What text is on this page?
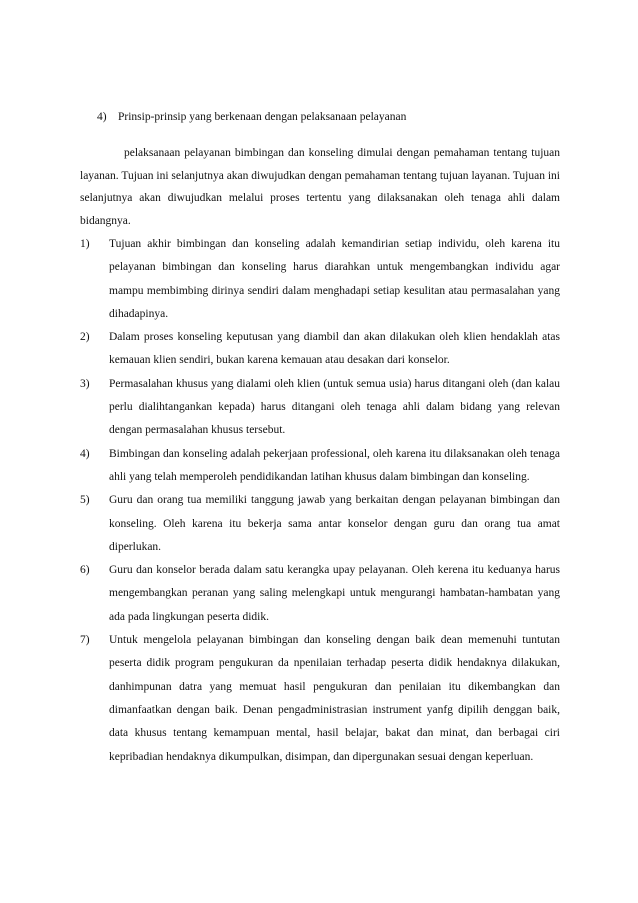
4) Prinsip-prinsip yang berkenaan dengan pelaksanaan pelayanan

pelaksanaan pelayanan bimbingan dan konseling dimulai dengan pemahaman tentang tujuan layanan. Tujuan ini selanjutnya akan diwujudkan dengan pemahaman tentang tujuan layanan. Tujuan ini selanjutnya akan diwujudkan melalui proses tertentu yang dilaksanakan oleh tenaga ahli dalam bidangnya.

1)	Tujuan akhir bimbingan dan konseling adalah kemandirian setiap individu, oleh karena itu pelayanan bimbingan dan konseling harus diarahkan untuk mengembangkan individu agar mampu membimbing dirinya sendiri dalam menghadapi setiap kesulitan atau permasalahan yang dihadapinya.
2)	Dalam proses konseling keputusan yang diambil dan akan dilakukan oleh klien hendaklah atas kemauan klien sendiri, bukan karena kemauan atau desakan dari konselor.
3)	Permasalahan khusus yang dialami oleh klien (untuk semua usia) harus ditangani oleh (dan kalau perlu dialihtangankan kepada) harus ditangani oleh tenaga ahli dalam bidang yang relevan dengan permasalahan khusus tersebut.
4)	Bimbingan dan konseling adalah pekerjaan professional, oleh karena itu dilaksanakan oleh tenaga ahli yang telah memperoleh pendidikandan latihan khusus dalam bimbingan dan konseling.
5)	Guru dan orang tua memiliki tanggung jawab yang berkaitan dengan pelayanan bimbingan dan konseling. Oleh karena itu bekerja sama antar konselor dengan guru dan orang tua amat diperlukan.
6)	Guru dan konselor berada dalam satu kerangka upay pelayanan. Oleh kerena itu keduanya harus mengembangkan peranan yang saling melengkapi untuk mengurangi hambatan-hambatan yang ada pada lingkungan peserta didik.
7)	Untuk mengelola pelayanan bimbingan dan konseling dengan baik dean memenuhi tuntutan peserta didik program pengukuran da npenilaian terhadap peserta didik hendaknya dilakukan, danhimpunan datra yang memuat hasil pengukuran dan penilaian itu dikembangkan dan dimanfaatkan dengan baik. Denan pengadministrasian instrument yanfg dipilih denggan baik, data khusus tentang kemampuan mental, hasil belajar, bakat dan minat, dan berbagai ciri kepribadian hendaknya dikumpulkan, disimpan, dan dipergunakan sesuai dengan keperluan.
